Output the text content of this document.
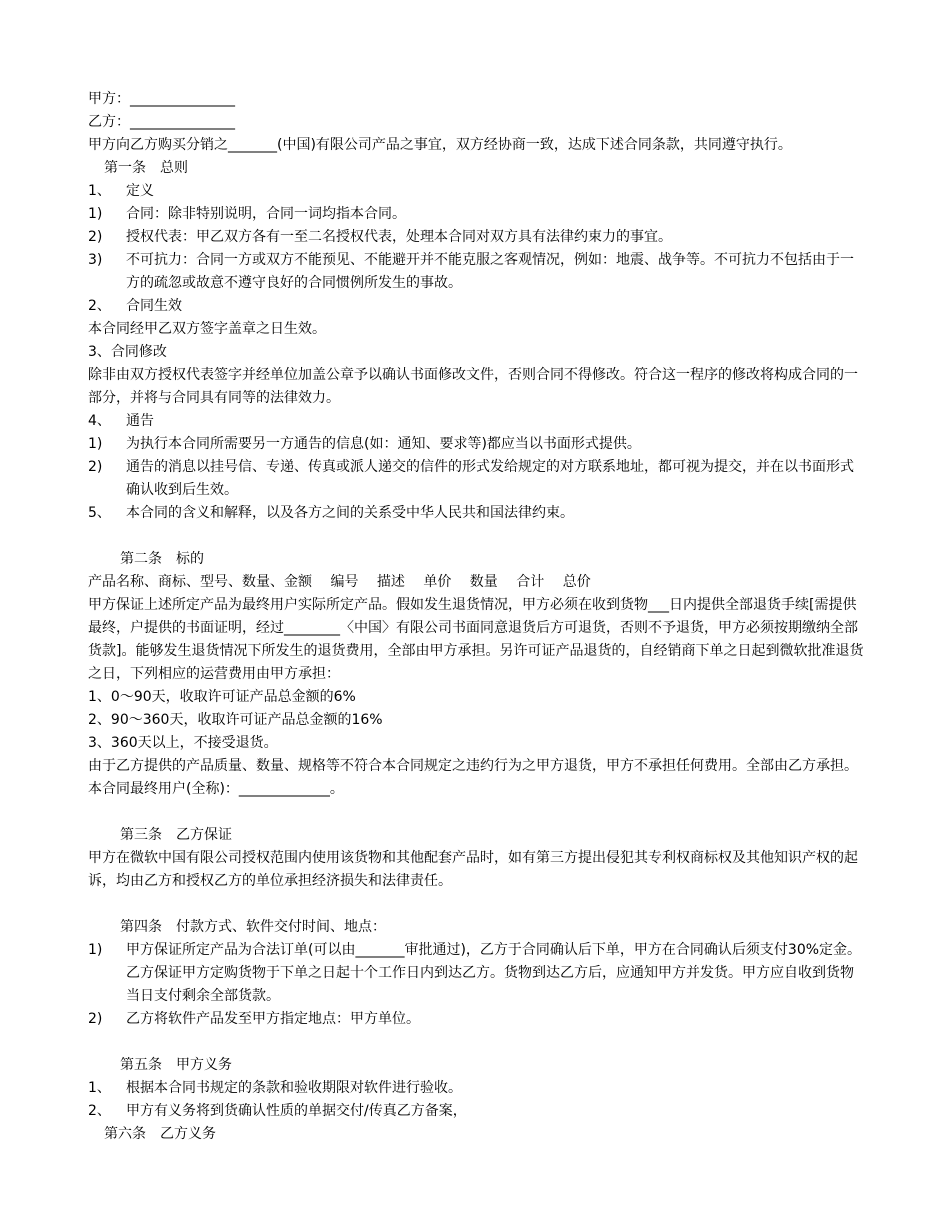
甲方：_______________

乙方：_______________

甲方向乙方购买分销之_______(中国)有限公司产品之事宜，双方经协商一致，达成下述合同条款，共同遵守执行。

第一条　总则

1、	定义
1)	合同：除非特别说明，合同一词均指本合同。
2)	授权代表：甲乙双方各有一至二名授权代表，处理本合同对双方具有法律约束力的事宜。
3)	不可抗力：合同一方或双方不能预见、不能避开并不能克服之客观情况，例如：地震、战争等。不可抗力不包括由于一方的疏忽或故意不遵守良好的合同惯例所发生的事故。
2、	合同生效

本合同经甲乙双方签字盖章之日生效。

3、合同修改

除非由双方授权代表签字并经单位加盖公章予以确认书面修改文件，否则合同不得修改。符合这一程序的修改将构成合同的一部分，并将与合同具有同等的法律效力。

4、	通告
1)	为执行本合同所需要另一方通告的信息(如：通知、要求等)都应当以书面形式提供。
2)	通告的消息以挂号信、专递、传真或派人递交的信件的形式发给规定的对方联系地址，都可视为提交，并在以书面形式确认收到后生效。
5、	本合同的含义和解释，以及各方之间的关系受中华人民共和国法律约束。

第二条　标的

产品名称、商标、型号、数量、金额　 编号　 描述　 单价　 数量　 合计　 总价

甲方保证上述所定产品为最终用户实际所定产品。假如发生退货情况，甲方必须在收到货物___日内提供全部退货手续[需提供最终，户提供的书面证明，经过________〈中国〉有限公司书面同意退货后方可退货，否则不予退货，甲方必须按期缴纳全部货款]。能够发生退货情况下所发生的退货费用，全部由甲方承担。另许可证产品退货的，自经销商下单之日起到微软批准退货之日，下列相应的运营费用由甲方承担：

1、0～90天，收取许可证产品总金额的6%

2、90～360天，收取许可证产品总金额的16%

3、360天以上，不接受退货。

由于乙方提供的产品质量、数量、规格等不符合本合同规定之违约行为之甲方退货，甲方不承担任何费用。全部由乙方承担。　本合同最终用户(全称)：_____________。

第三条　乙方保证

甲方在微软中国有限公司授权范围内使用该货物和其他配套产品时，如有第三方提出侵犯其专利权商标权及其他知识产权的起诉，均由乙方和授权乙方的单位承担经济损失和法律责任。

第四条　付款方式、软件交付时间、地点：

1)	甲方保证所定产品为合法订单(可以由_______审批通过)，乙方于合同确认后下单，甲方在合同确认后须支付30%定金。乙方保证甲方定购货物于下单之日起十个工作日内到达乙方。货物到达乙方后，应通知甲方并发货。甲方应自收到货物当日支付剩余全部货款。
2)	乙方将软件产品发至甲方指定地点：甲方单位。

第五条　甲方义务

1、	根据本合同书规定的条款和验收期限对软件进行验收。
2、	甲方有义务将到货确认性质的单据交付/传真乙方备案，

第六条　乙方义务
